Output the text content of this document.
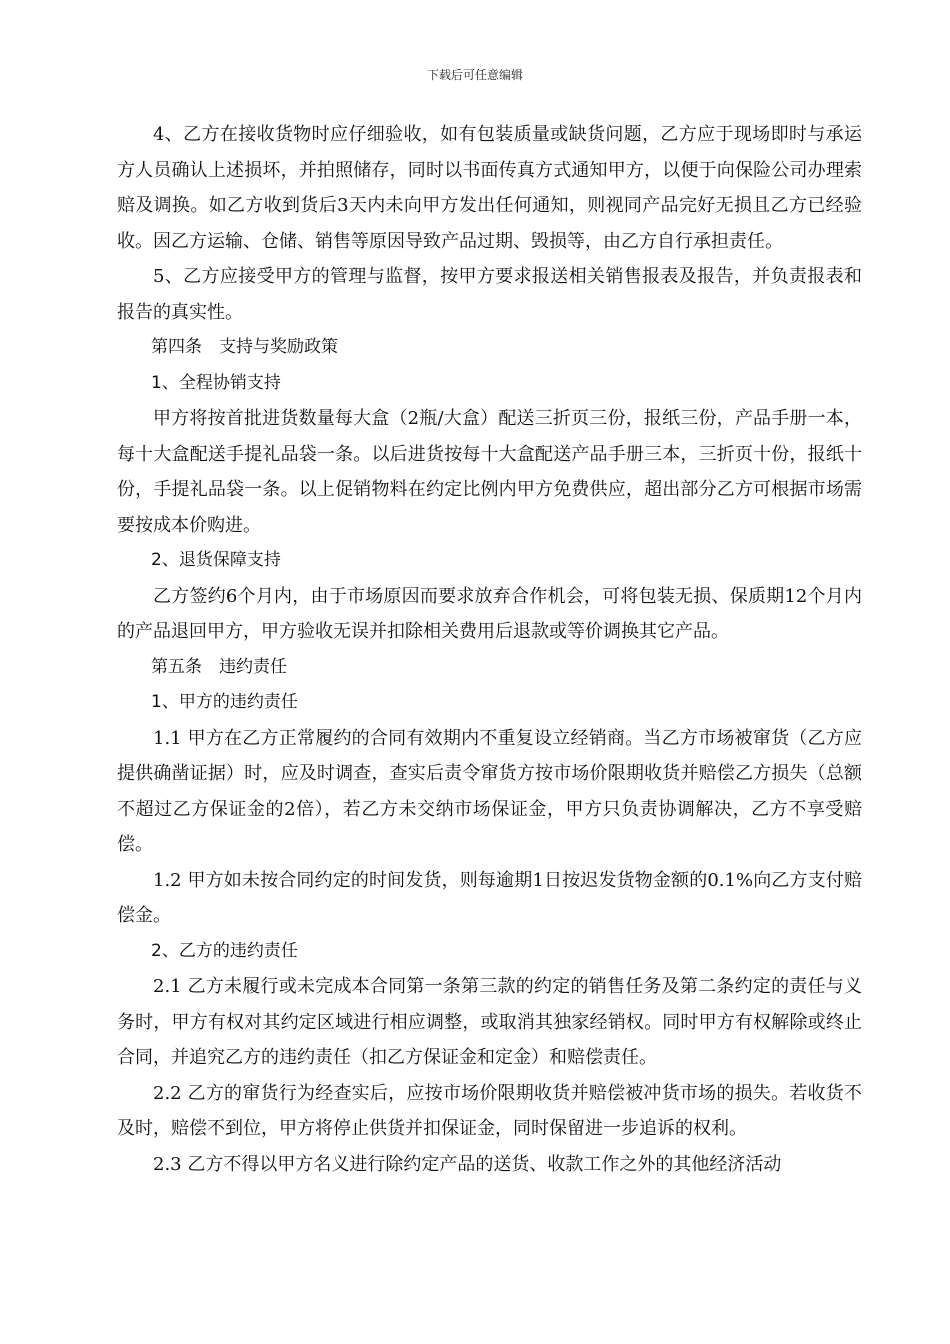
下载后可任意编辑

4、乙方在接收货物时应仔细验收，如有包装质量或缺货问题，乙方应于现场即时与承运方人员确认上述损坏，并拍照储存，同时以书面传真方式通知甲方，以便于向保险公司办理索赔及调换。如乙方收到货后3天内未向甲方发出任何通知，则视同产品完好无损且乙方已经验收。因乙方运输、仓储、销售等原因导致产品过期、毁损等，由乙方自行承担责任。

5、乙方应接受甲方的管理与监督，按甲方要求报送相关销售报表及报告，并负责报表和报告的真实性。

第四条　支持与奖励政策

1、全程协销支持

甲方将按首批进货数量每大盒（2瓶/大盒）配送三折页三份，报纸三份，产品手册一本，每十大盒配送手提礼品袋一条。以后进货按每十大盒配送产品手册三本，三折页十份，报纸十份，手提礼品袋一条。以上促销物料在约定比例内甲方免费供应，超出部分乙方可根据市场需要按成本价购进。

2、退货保障支持

乙方签约6个月内，由于市场原因而要求放弃合作机会，可将包装无损、保质期12个月内的产品退回甲方，甲方验收无误并扣除相关费用后退款或等价调换其它产品。

第五条　违约责任

1、甲方的违约责任

1.1 甲方在乙方正常履约的合同有效期内不重复设立经销商。当乙方市场被窜货（乙方应提供确凿证据）时，应及时调查，查实后责令窜货方按市场价限期收货并赔偿乙方损失（总额不超过乙方保证金的2倍），若乙方未交纳市场保证金，甲方只负责协调解决，乙方不享受赔偿。

1.2 甲方如未按合同约定的时间发货，则每逾期1日按迟发货物金额的0.1%向乙方支付赔偿金。

2、乙方的违约责任

2.1 乙方未履行或未完成本合同第一条第三款的约定的销售任务及第二条约定的责任与义务时，甲方有权对其约定区域进行相应调整，或取消其独家经销权。同时甲方有权解除或终止合同，并追究乙方的违约责任（扣乙方保证金和定金）和赔偿责任。

2.2 乙方的窜货行为经查实后，应按市场价限期收货并赔偿被冲货市场的损失。若收货不及时，赔偿不到位，甲方将停止供货并扣保证金，同时保留进一步追诉的权利。

2.3 乙方不得以甲方名义进行除约定产品的送货、收款工作之外的其他经济活动
